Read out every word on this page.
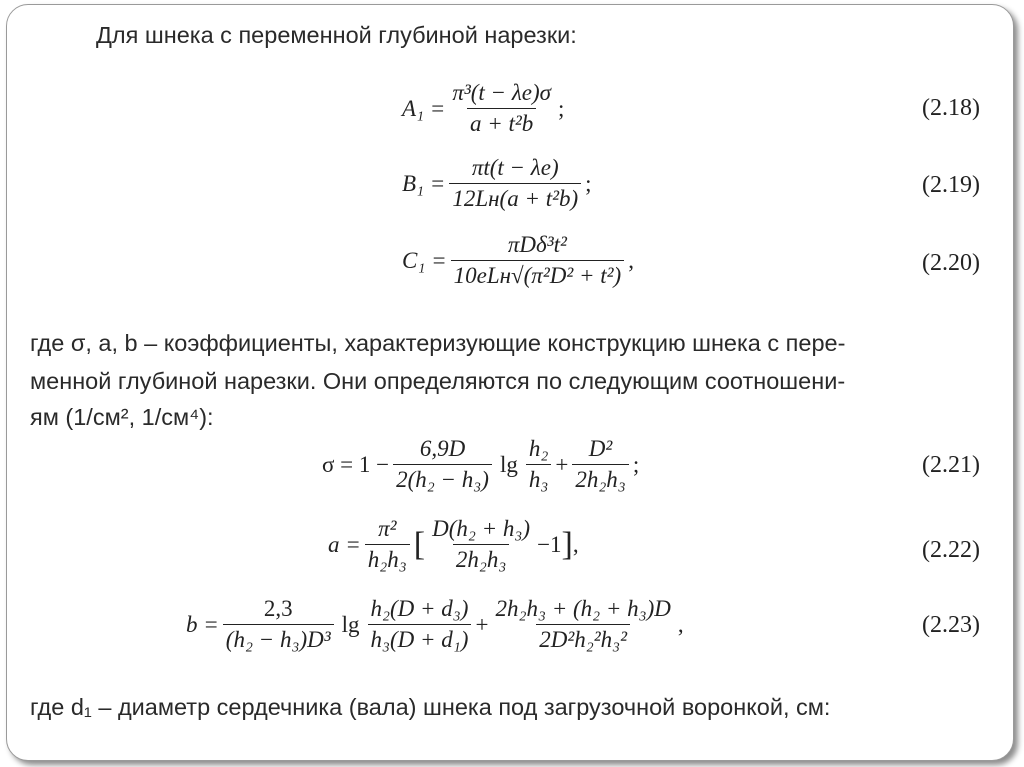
Для шнека с переменной глубиной нарезки:
$A_1 = \frac{\text{π³(t − λe)σ}}{\text{a + t²b}}$ ;	(2.18)
$B_1 = \frac{\pi t(t - \lambda e)}{\text{12Lн(a + t²b)}}$ ;	(2.19)
$C_1 = \frac{\text{πDδ³t²}}{\text{10eLн√(π²D² + t²)}}$ ,	(2.20)
где σ, a, b – коэффициенты, характеризующие конструкцию шнека с пере-
менной глубиной нарезки. Они определяются по следующим соотношени-
ям (1/см², 1/см⁴):
$\sigma = 1 - \frac{6,9D}{\text{2(h₂ − h₃)}}$ $\lg \frac{\text{h₂}}{\text{h₃}} + \frac{\text{D²}}{\text{2h₂h₃}}$ ;	(2.21)
$a = \frac{\text{π²}}{\text{h₂h₃}}$ [ $\frac{\text{D(h₂ + h₃)}}{\text{2h₂h₃}} -1$ ] ,	(2.22)
$b = \frac{2,3}{\text{(h₂ − h₃)D³}}$ $\lg \frac{\text{h₂(D + d₃)}}{\text{h₃(D + d₁)}} + \frac{\text{2h₂h₃ + (h₂ + h₃)D}}{\text{2D²h₂²h₃²}}$ ,	(2.23)
где d₁ – диаметр сердечника (вала) шнека под загрузочной воронкой, см:
